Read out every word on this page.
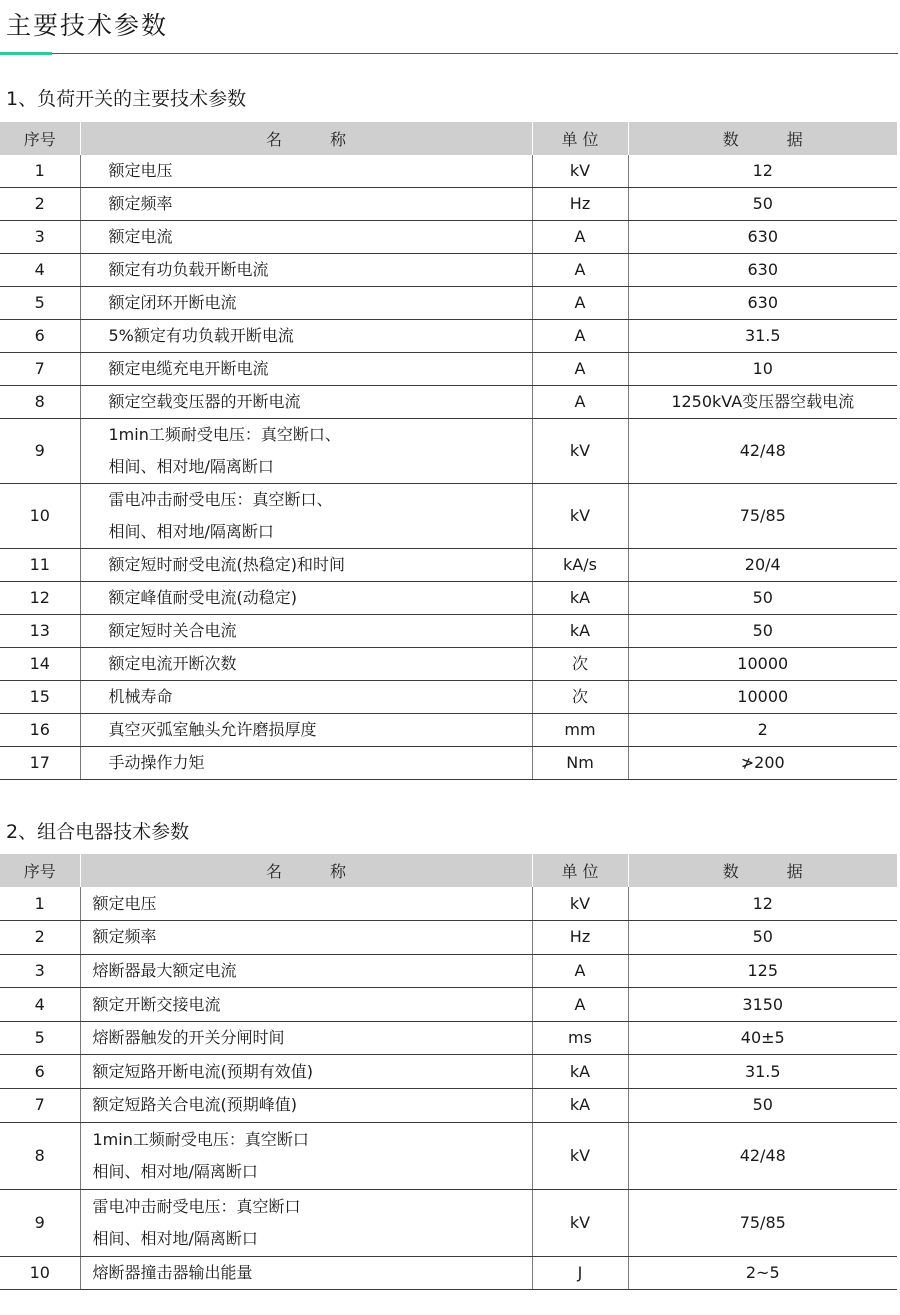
主要技术参数
1、负荷开关的主要技术参数
序号	名　　　称	单 位	数　　　据
1	额定电压	kV	12
2	额定频率	Hz	50
3	额定电流	A	630
4	额定有功负载开断电流	A	630
5	额定闭环开断电流	A	630
6	5%额定有功负载开断电流	A	31.5
7	额定电缆充电开断电流	A	10
8	额定空载变压器的开断电流	A	1250kVA变压器空载电流
9	1min工频耐受电压：真空断口、
相间、相对地/隔离断口	kV	42/48
10	雷电冲击耐受电压：真空断口、
相间、相对地/隔离断口	kV	75/85
11	额定短时耐受电流(热稳定)和时间	kA/s	20/4
12	额定峰值耐受电流(动稳定)	kA	50
13	额定短时关合电流	kA	50
14	额定电流开断次数	次	10000
15	机械寿命	次	10000
16	真空灭弧室触头允许磨损厚度	mm	2
17	手动操作力矩	Nm	≯200
2、组合电器技术参数
序号	名　　　称	单 位	数　　　据
1	额定电压	kV	12
2	额定频率	Hz	50
3	熔断器最大额定电流	A	125
4	额定开断交接电流	A	3150
5	熔断器触发的开关分闸时间	ms	40±5
6	额定短路开断电流(预期有效值)	kA	31.5
7	额定短路关合电流(预期峰值)	kA	50
8	1min工频耐受电压：真空断口
相间、相对地/隔离断口	kV	42/48
9	雷电冲击耐受电压：真空断口
相间、相对地/隔离断口	kV	75/85
10	熔断器撞击器输出能量	J	2~5
